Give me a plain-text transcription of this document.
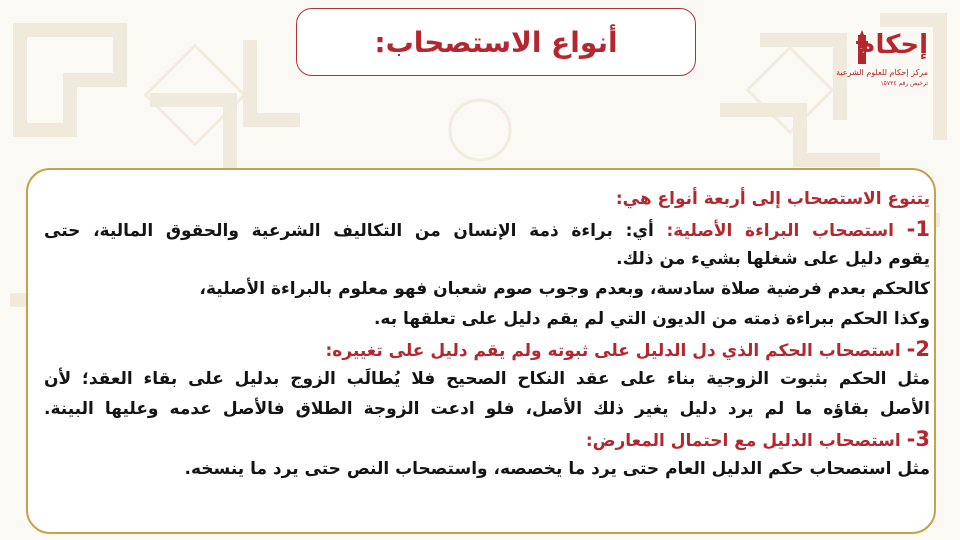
أنواع الاستصحاب:	إحكام
مركز إحكام للعلوم الشرعية
ترخيص رقم ١٥٧٣٤
يتنوع الاستصحاب إلى أربعة أنواع هي:
1- استصحاب البراءة الأصلية: أي: براءة ذمة الإنسان من التكاليف الشرعية والحقوق المالية، حتى
يقوم دليل على شغلها بشيء من ذلك.
كالحكم بعدم فرضية صلاة سادسة، وبعدم وجوب صوم شعبان فهو معلوم بالبراءة الأصلية،
وكذا الحكم ببراءة ذمته من الديون التي لم يقم دليل على تعلقها به.
2- استصحاب الحكم الذي دل الدليل على ثبوته ولم يقم دليل على تغييره:
مثل الحكم بثبوت الزوجية بناء على عقد النكاح الصحيح فلا يُطالَب الزوج بدليل على بقاء العقد؛ لأن
الأصل بقاؤه ما لم يرد دليل يغير ذلك الأصل، فلو ادعت الزوجة الطلاق فالأصل عدمه وعليها البينة.
3- استصحاب الدليل مع احتمال المعارض:
مثل استصحاب حكم الدليل العام حتى يرد ما يخصصه، واستصحاب النص حتى يرد ما ينسخه.
